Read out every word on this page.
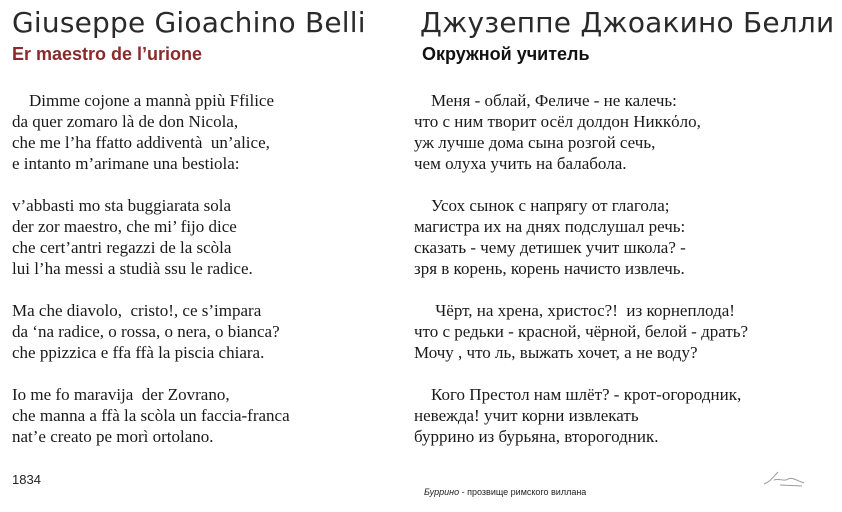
Giuseppe Gioachino Belli
Er maestro de l’urione
Dimme cojone a mannà ppiù Ffilice
da quer zomaro là de don Nicola,
che me l’ha ffatto addiventà  un’alice,
e intanto m’arimane una bestiola:
v’abbasti mo sta buggiarata sola
der zor maestro, che mi’ fijo dice
che cert’antri regazzi de la scòla
lui l’ha messi a studià ssu le radice.
Ma che diavolo,  cristo!, ce s’impara
da ‘na radice, o rossa, o nera, o bianca?
che ppizzica e ffa ffà la piscia chiara.
Io me fo maravija  der Zovrano,
che manna a ffà la scòla un faccia-franca
nat’e creato pe morì ortolano.
Джузеппе Джоакино Белли
Окружной учитель
Меня - облай, Феличе - не калечь:
что с ним творит осёл долдон Никкόло,
уж лучше дома сына розгой сечь,
чем олуха учить на балабола.
Усох сынок с напрягу от глагола;
магистра их на днях подслушал речь:
сказать - чему детишек учит школа? -
зря в корень, корень начисто извлечь.
Чёрт, на хрена, христос?!  из корнеплода!
что с редьки - красной, чёрной, белой - драть?
Мочу , что ль, выжать хочет, а не воду?
Кого Престол нам шлёт? - крот-огородник,
невежда! учит корни извлекать
буррино из бурьяна, второгодник.
1834
Буррино - прозвище римского виллана
